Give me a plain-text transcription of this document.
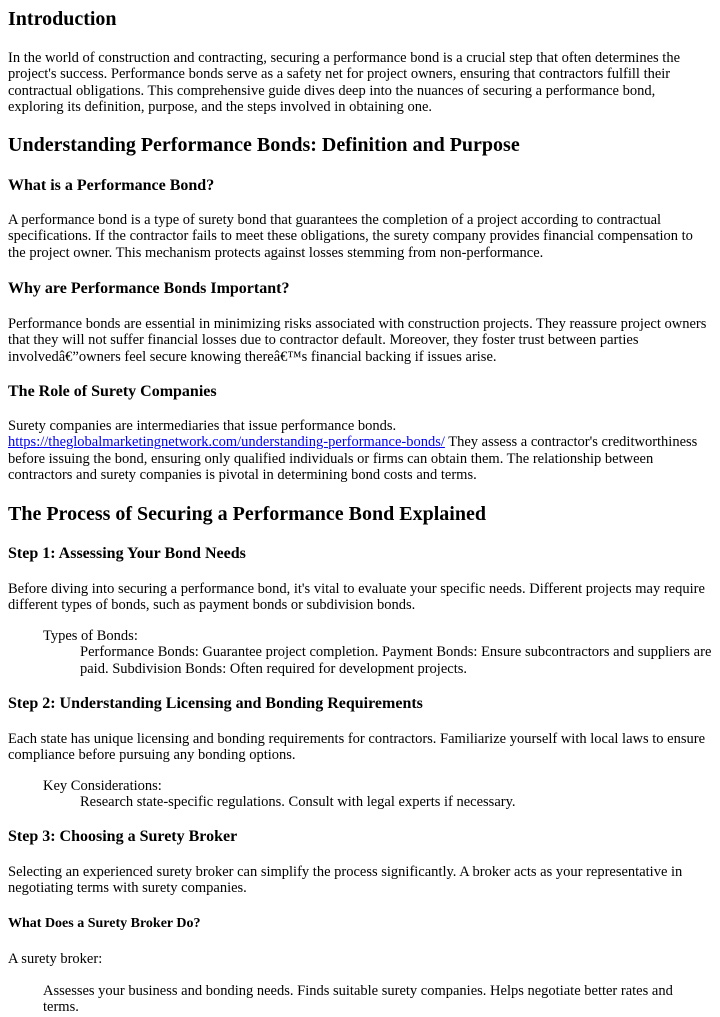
Introduction

In the world of construction and contracting, securing a performance bond is a crucial step that often determines the
project's success. Performance bonds serve as a safety net for project owners, ensuring that contractors fulfill their
contractual obligations. This comprehensive guide dives deep into the nuances of securing a performance bond,
exploring its definition, purpose, and the steps involved in obtaining one.

Understanding Performance Bonds: Definition and Purpose
What is a Performance Bond?

A performance bond is a type of surety bond that guarantees the completion of a project according to contractual
specifications. If the contractor fails to meet these obligations, the surety company provides financial compensation to
the project owner. This mechanism protects against losses stemming from non-performance.

Why are Performance Bonds Important?

Performance bonds are essential in minimizing risks associated with construction projects. They reassure project owners
that they will not suffer financial losses due to contractor default. Moreover, they foster trust between parties
involvedâ€”owners feel secure knowing thereâ€™s financial backing if issues arise.

The Role of Surety Companies

Surety companies are intermediaries that issue performance bonds.
https://theglobalmarketingnetwork.com/understanding-performance-bonds/ They assess a contractor's creditworthiness
before issuing the bond, ensuring only qualified individuals or firms can obtain them. The relationship between
contractors and surety companies is pivotal in determining bond costs and terms.

The Process of Securing a Performance Bond Explained
Step 1: Assessing Your Bond Needs

Before diving into securing a performance bond, it's vital to evaluate your specific needs. Different projects may require
different types of bonds, such as payment bonds or subdivision bonds.

Types of Bonds:
Performance Bonds: Guarantee project completion. Payment Bonds: Ensure subcontractors and suppliers are
paid. Subdivision Bonds: Often required for development projects.
Step 2: Understanding Licensing and Bonding Requirements

Each state has unique licensing and bonding requirements for contractors. Familiarize yourself with local laws to ensure
compliance before pursuing any bonding options.

Key Considerations:
Research state-specific regulations. Consult with legal experts if necessary.
Step 3: Choosing a Surety Broker

Selecting an experienced surety broker can simplify the process significantly. A broker acts as your representative in
negotiating terms with surety companies.

What Does a Surety Broker Do?

A surety broker:

Assesses your business and bonding needs. Finds suitable surety companies. Helps negotiate better rates and
terms.
